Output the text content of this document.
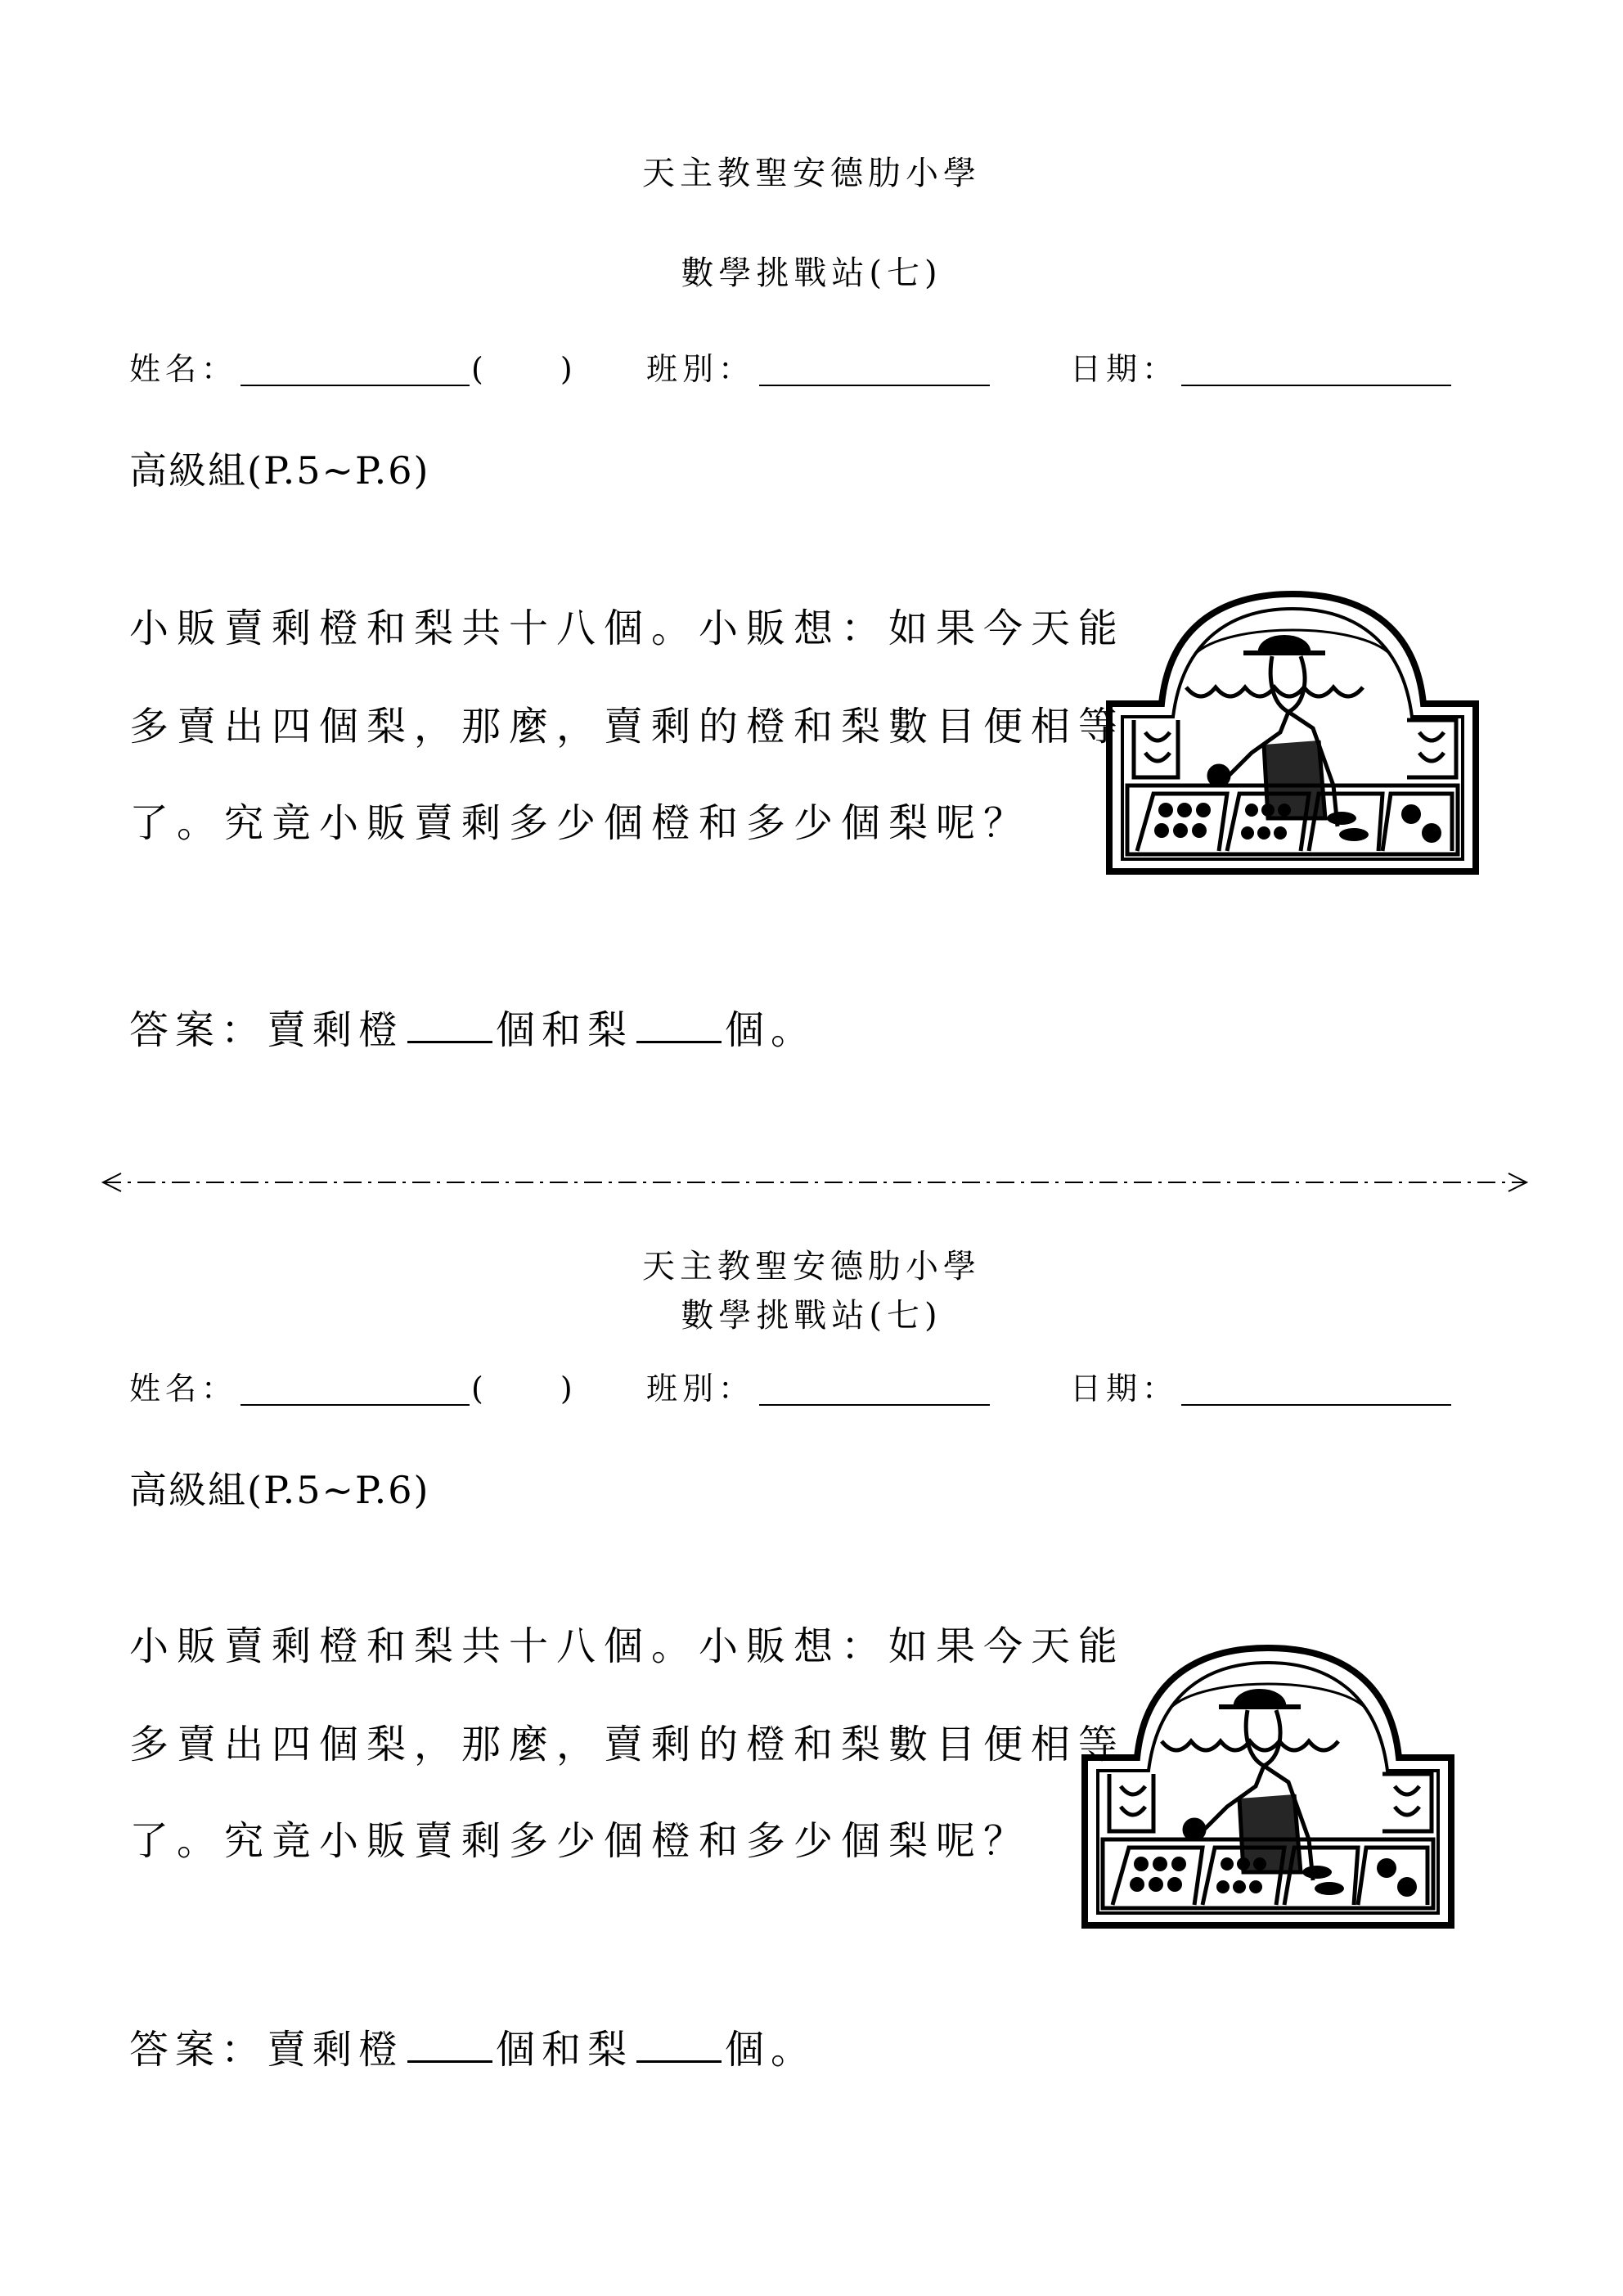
天主教聖安德肋小學
數學挑戰站(七)
姓名：	(　　) 班別：	日期：
高級組(P.5~P.6)
小販賣剩橙和梨共十八個。小販想：如果今天能
多賣出四個梨，那麼，賣剩的橙和梨數目便相等
了。究竟小販賣剩多少個橙和多少個梨呢？
答案：賣剩橙 個和梨 個。
天主教聖安德肋小學
數學挑戰站(七)
姓名：	(　　) 班別：	日期：
高級組(P.5~P.6)
小販賣剩橙和梨共十八個。小販想：如果今天能
多賣出四個梨，那麼，賣剩的橙和梨數目便相等
了。究竟小販賣剩多少個橙和多少個梨呢？
答案：賣剩橙 個和梨 個。
